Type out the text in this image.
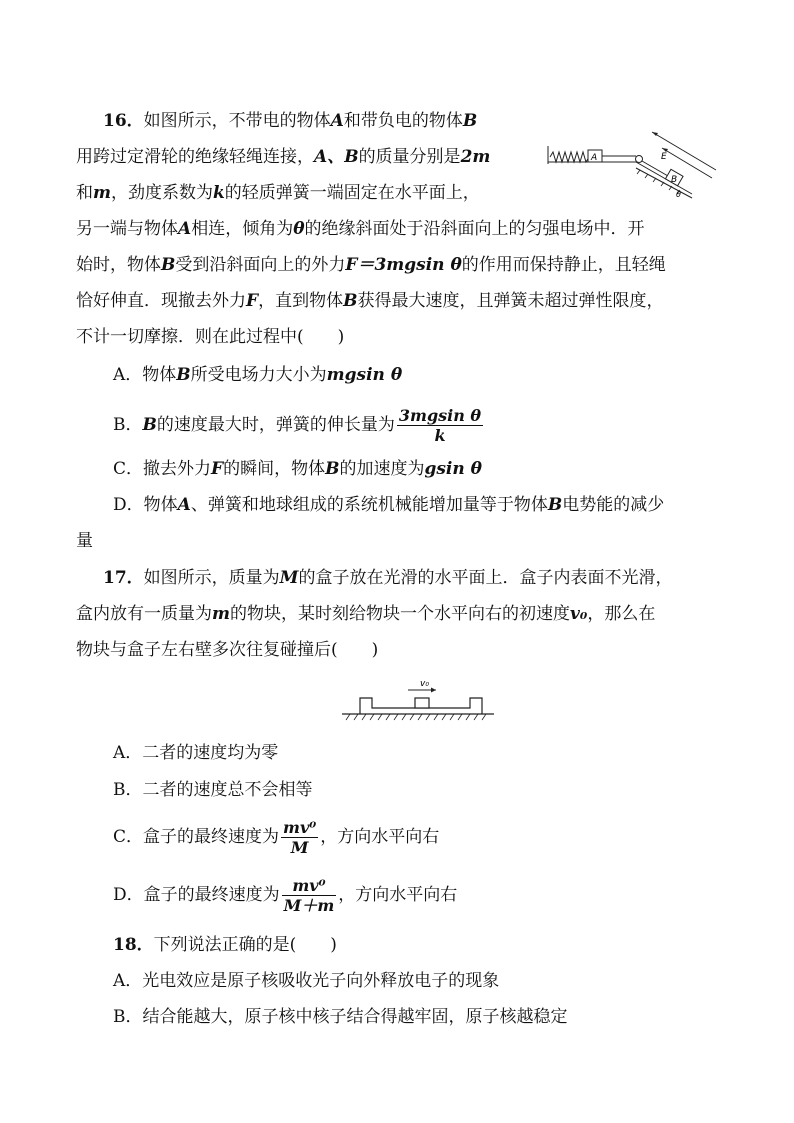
16．如图所示，不带电的物体A和带负电的物体B
用跨过定滑轮的绝缘轻绳连接，A、B的质量分别是2m
和m，劲度系数为k的轻质弹簧一端固定在水平面上，
另一端与物体A相连，倾角为θ的绝缘斜面处于沿斜面向上的匀强电场中．开
始时，物体B受到沿斜面向上的外力F＝3mgsin θ的作用而保持静止，且轻绳
恰好伸直．现撤去外力F，直到物体B获得最大速度，且弹簧未超过弹性限度，
不计一切摩擦．则在此过程中(　　)
A．物体B所受电场力大小为mgsin θ
B．B的速度最大时，弹簧的伸长量为 $\frac{\text{3mgsin θ}}{k}$
C．撤去外力F的瞬间，物体B的加速度为gsin θ
D．物体A、弹簧和地球组成的系统机械能增加量等于物体B电势能的减少
量
A
B
θ
E
17．如图所示，质量为M的盒子放在光滑的水平面上．盒子内表面不光滑，
盒内放有一质量为m的物块，某时刻给物块一个水平向右的初速度v₀，那么在
物块与盒子左右壁多次往复碰撞后(　　)
v₀
A．二者的速度均为零
B．二者的速度总不会相等
C．盒子的最终速度为 $\frac{\text{mv⁰}}{M}$ ，方向水平向右
D．盒子的最终速度为 $\frac{\text{mv⁰}}{M+m}$ ，方向水平向右
18．下列说法正确的是(　　)
A．光电效应是原子核吸收光子向外释放电子的现象
B．结合能越大，原子核中核子结合得越牢固，原子核越稳定
